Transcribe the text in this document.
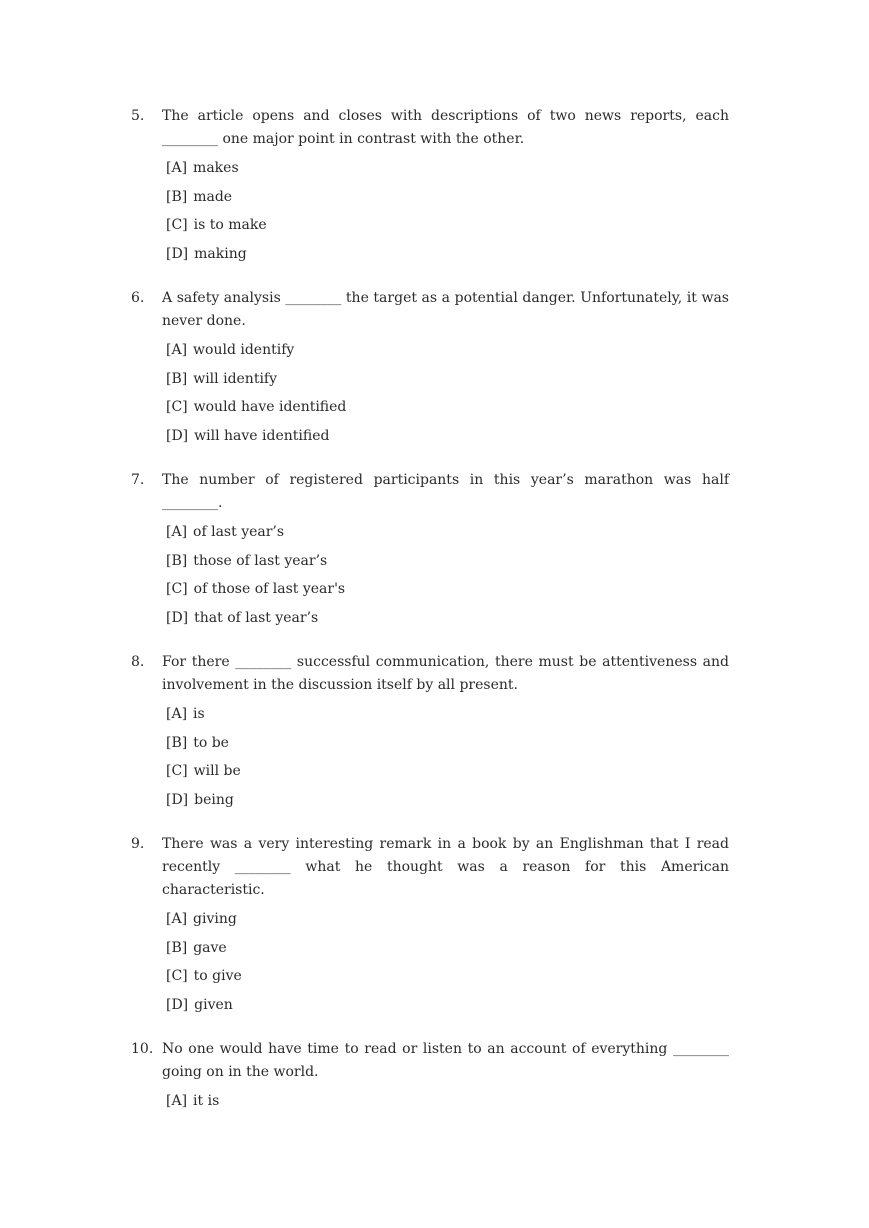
5. The article opens and closes with descriptions of two news reports, each ________ one major point in contrast with the other.
[A] makes
[B] made
[C] is to make
[D] making
6. A safety analysis ________ the target as a potential danger. Unfortunately, it was never done.
[A] would identify
[B] will identify
[C] would have identified
[D] will have identified
7. The number of registered participants in this year’s marathon was half ________.
[A] of last year’s
[B] those of last year’s
[C] of those of last year's
[D] that of last year’s
8. For there ________ successful communication, there must be attentiveness and involvement in the discussion itself by all present.
[A] is
[B] to be
[C] will be
[D] being
9. There was a very interesting remark in a book by an Englishman that I read recently ________ what he thought was a reason for this American characteristic.
[A] giving
[B] gave
[C] to give
[D] given
10. No one would have time to read or listen to an account of everything ________ going on in the world.
[A] it is
